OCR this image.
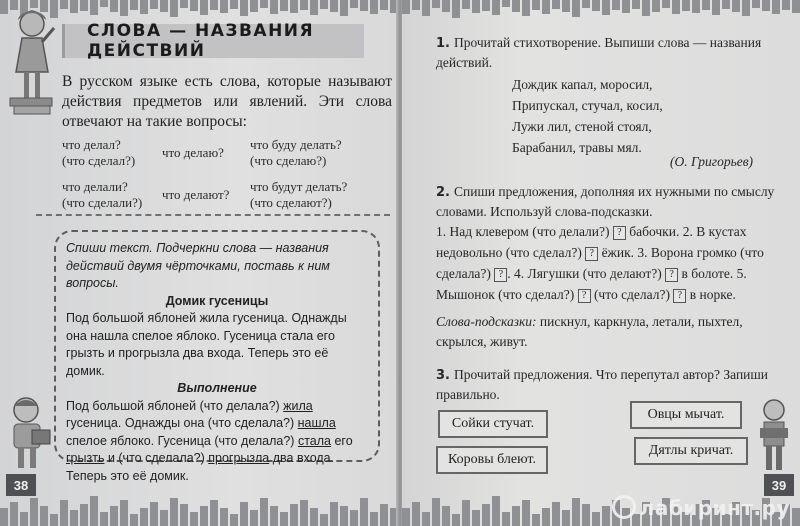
СЛОВА — НАЗВАНИЯ ДЕЙСТВИЙ
В русском языке есть слова, которые называют действия предметов или явлений. Эти слова отвечают на такие вопросы:
что делал?
(что сделал?)
что делаю?
что буду делать?
(что сделаю?)
что делали?
(что сделали?)
что делают?
что будут делать?
(что сделают?)
Спиши текст. Подчеркни слова — названия действий двумя чёрточками, поставь к ним вопросы.
Домик гусеницы
Под большой яблоней жила гусеница. Однажды она нашла спелое яблоко. Гусеница стала его грызть и прогрызла два входа. Теперь это её домик.
Выполнение
Под большой яблоней (что делала?) жила гусеница. Однажды она (что сделала?) нашла спелое яблоко. Гусеница (что делала?) стала его грызть и (что сделала?) прогрызла два входа. Теперь это её домик.
38
1. Прочитай стихотворение. Выпиши слова — названия действий.
Дождик капал, моросил,
Припускал, стучал, косил,
Лужи лил, стеной стоял,
Барабанил, травы мял.
(О. Григорьев)
2. Спиши предложения, дополняя их нужными по смыслу словами. Используй слова-подсказки.
1. Над клевером (что делали?) ? бабочки. 2. В кустах недовольно (что сделал?) ? ёжик. 3. Ворона громко (что сделала?) ? . 4. Лягушки (что делают?) ? в болоте. 5. Мышонок (что сделал?) ? (что сделал?) ? в норке.
Слова-подсказки: пискнул, каркнула, летали, пыхтел, скрылся, живут.
3. Прочитай предложения. Что перепутал автор? Запиши правильно.
Сойки стучат.
Овцы мычат.
Коровы блеют.
Дятлы кричат.
39
лабиринт.ру
